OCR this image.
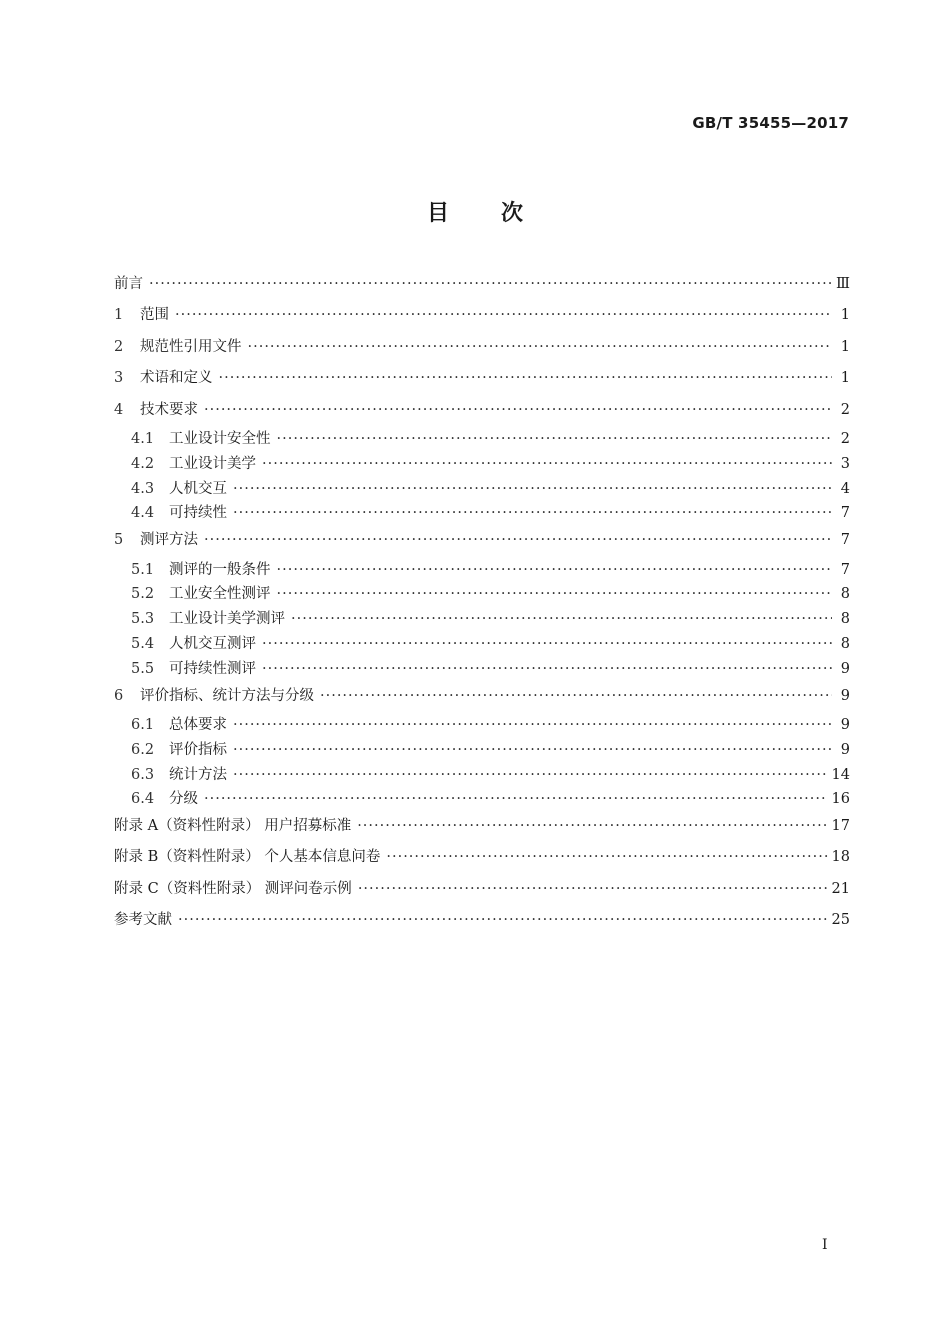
GB/T 35455—2017
目次
前言 ·····	Ⅲ
1	范围 ·····	1
2	规范性引用文件 ·····	1
3	术语和定义 ·····	1
4	技术要求 ·····	2
4.1	工业设计安全性 ·····	2
4.2	工业设计美学 ·····	3
4.3	人机交互 ·····	4
4.4	可持续性 ·····	7
5	测评方法 ·····	7
5.1	测评的一般条件 ·····	7
5.2	工业安全性测评 ·····	8
5.3	工业设计美学测评 ·····	8
5.4	人机交互测评 ·····	8
5.5	可持续性测评 ·····	9
6	评价指标、统计方法与分级 ·····	9
6.1	总体要求 ·····	9
6.2	评价指标 ·····	9
6.3	统计方法 ·····	14
6.4	分级 ·····	16
附录 A（资料性附录） 用户招募标准 ·····	17
附录 B（资料性附录） 个人基本信息问卷 ·····	18
附录 C（资料性附录） 测评问卷示例 ·····	21
参考文献 ·····	25
Ⅰ
